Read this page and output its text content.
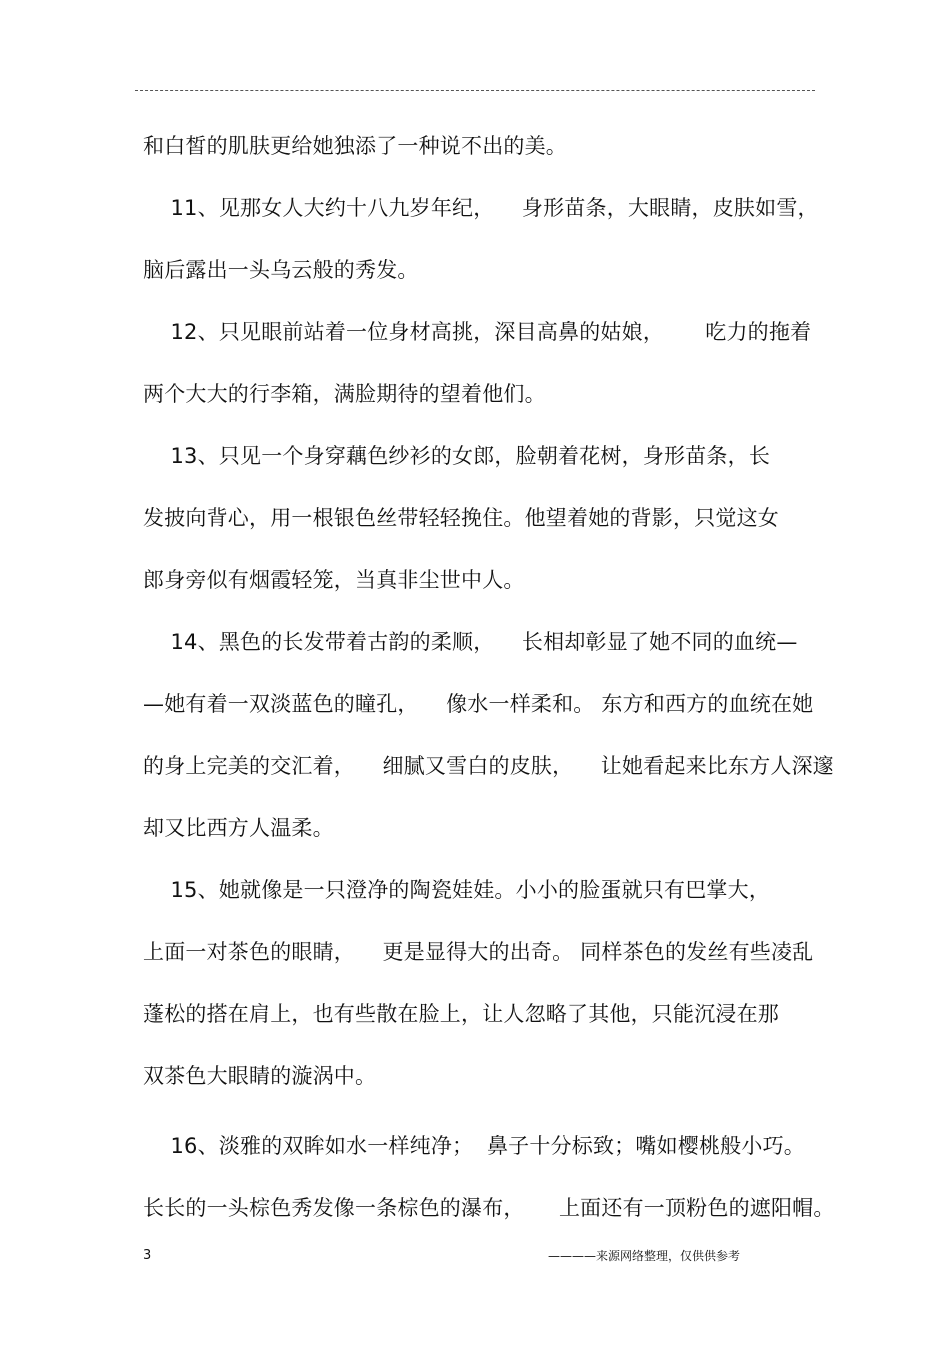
和白皙的肌肤更给她独添了一种说不出的美。
11、见那女人大约十八九岁年纪，    身形苗条，大眼睛，皮肤如雪，
脑后露出一头乌云般的秀发。
12、只见眼前站着一位身材高挑，深目高鼻的姑娘，      吃力的拖着
两个大大的行李箱，满脸期待的望着他们。
13、只见一个身穿藕色纱衫的女郎，脸朝着花树，身形苗条，长
发披向背心，用一根银色丝带轻轻挽住。他望着她的背影，只觉这女
郎身旁似有烟霞轻笼，当真非尘世中人。
14、黑色的长发带着古韵的柔顺，    长相却彰显了她不同的血统—
—她有着一双淡蓝色的瞳孔，    像水一样柔和。 东方和西方的血统在她
的身上完美的交汇着，    细腻又雪白的皮肤，    让她看起来比东方人深邃
却又比西方人温柔。
15、她就像是一只澄净的陶瓷娃娃。小小的脸蛋就只有巴掌大，
上面一对茶色的眼睛，    更是显得大的出奇。 同样茶色的发丝有些凌乱
蓬松的搭在肩上，也有些散在脸上，让人忽略了其他，只能沉浸在那
双茶色大眼睛的漩涡中。
16、淡雅的双眸如水一样纯净；  鼻子十分标致；嘴如樱桃般小巧。
长长的一头棕色秀发像一条棕色的瀑布，     上面还有一顶粉色的遮阳帽。
3	————来源网络整理，仅供供参考
